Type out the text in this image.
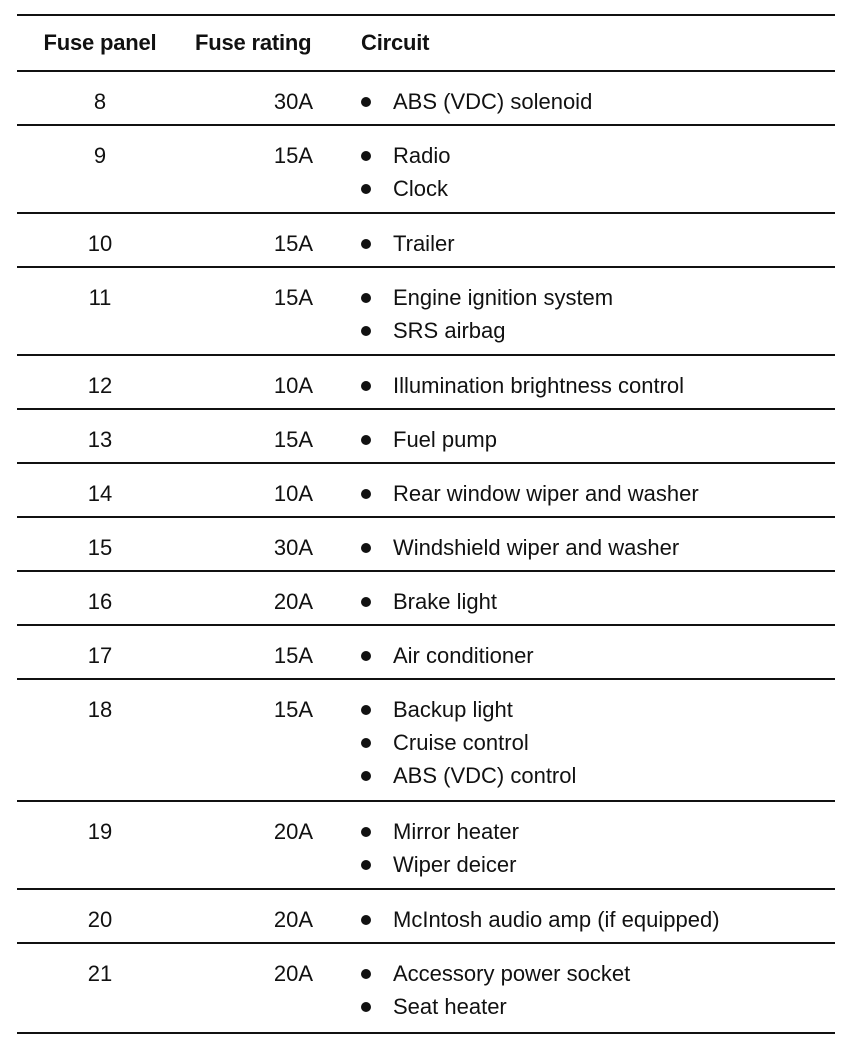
Fuse panel	Fuse rating	Circuit
8	30A	ABS (VDC) solenoid
9	15A	Radio
Clock
10	15A	Trailer
11	15A	Engine ignition system
SRS airbag
12	10A	Illumination brightness control
13	15A	Fuel pump
14	10A	Rear window wiper and washer
15	30A	Windshield wiper and washer
16	20A	Brake light
17	15A	Air conditioner
18	15A	Backup light
Cruise control
ABS (VDC) control
19	20A	Mirror heater
Wiper deicer
20	20A	McIntosh audio amp (if equipped)
21	20A	Accessory power socket
Seat heater
